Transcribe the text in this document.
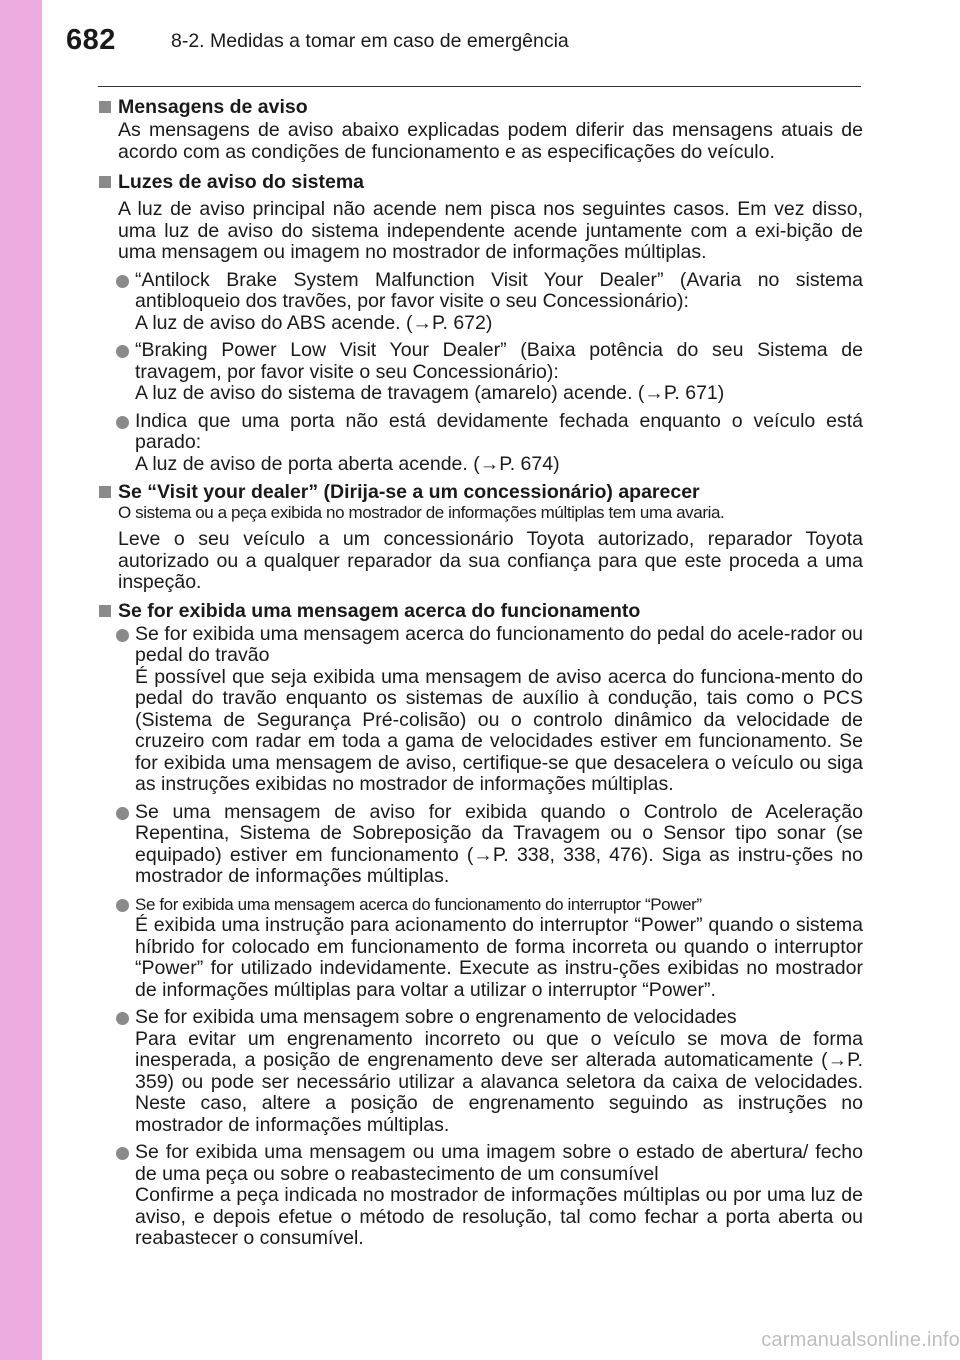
682	8-2. Medidas a tomar em caso de emergência
Mensagens de aviso
As mensagens de aviso abaixo explicadas podem diferir das mensagens atuais de acordo com as condições de funcionamento e as especificações do veículo.
Luzes de aviso do sistema
A luz de aviso principal não acende nem pisca nos seguintes casos. Em vez disso, uma luz de aviso do sistema independente acende juntamente com a exi-bição de uma mensagem ou imagem no mostrador de informações múltiplas.
“Antilock Brake System Malfunction Visit Your Dealer” (Avaria no sistema antibloqueio dos travões, por favor visite o seu Concessionário):
A luz de aviso do ABS acende. (→P. 672)
“Braking Power Low Visit Your Dealer” (Baixa potência do seu Sistema de travagem, por favor visite o seu Concessionário):
A luz de aviso do sistema de travagem (amarelo) acende. (→P. 671)
Indica que uma porta não está devidamente fechada enquanto o veículo está parado:
A luz de aviso de porta aberta acende. (→P. 674)
Se “Visit your dealer” (Dirija-se a um concessionário) aparecer
O sistema ou a peça exibida no mostrador de informações múltiplas tem uma avaria.
Leve o seu veículo a um concessionário Toyota autorizado, reparador Toyota autorizado ou a qualquer reparador da sua confiança para que este proceda a uma inspeção.
Se for exibida uma mensagem acerca do funcionamento
Se for exibida uma mensagem acerca do funcionamento do pedal do acele-rador ou pedal do travão
É possível que seja exibida uma mensagem de aviso acerca do funciona-mento do pedal do travão enquanto os sistemas de auxílio à condução, tais como o PCS (Sistema de Segurança Pré-colisão) ou o controlo dinâmico da velocidade de cruzeiro com radar em toda a gama de velocidades estiver em funcionamento. Se for exibida uma mensagem de aviso, certifique-se que desacelera o veículo ou siga as instruções exibidas no mostrador de informações múltiplas.
Se uma mensagem de aviso for exibida quando o Controlo de Aceleração Repentina, Sistema de Sobreposição da Travagem ou o Sensor tipo sonar (se equipado) estiver em funcionamento (→P. 338, 338, 476). Siga as instru-ções no mostrador de informações múltiplas.
Se for exibida uma mensagem acerca do funcionamento do interruptor “Power”
É exibida uma instrução para acionamento do interruptor “Power” quando o sistema híbrido for colocado em funcionamento de forma incorreta ou quando o interruptor “Power” for utilizado indevidamente. Execute as instru-ções exibidas no mostrador de informações múltiplas para voltar a utilizar o interruptor “Power”.
Se for exibida uma mensagem sobre o engrenamento de velocidades
Para evitar um engrenamento incorreto ou que o veículo se mova de forma inesperada, a posição de engrenamento deve ser alterada automaticamente (→P. 359) ou pode ser necessário utilizar a alavanca seletora da caixa de velocidades. Neste caso, altere a posição de engrenamento seguindo as instruções no mostrador de informações múltiplas.
Se for exibida uma mensagem ou uma imagem sobre o estado de abertura/ fecho de uma peça ou sobre o reabastecimento de um consumível
Confirme a peça indicada no mostrador de informações múltiplas ou por uma luz de aviso, e depois efetue o método de resolução, tal como fechar a porta aberta ou reabastecer o consumível.
carmanualsonline.info
